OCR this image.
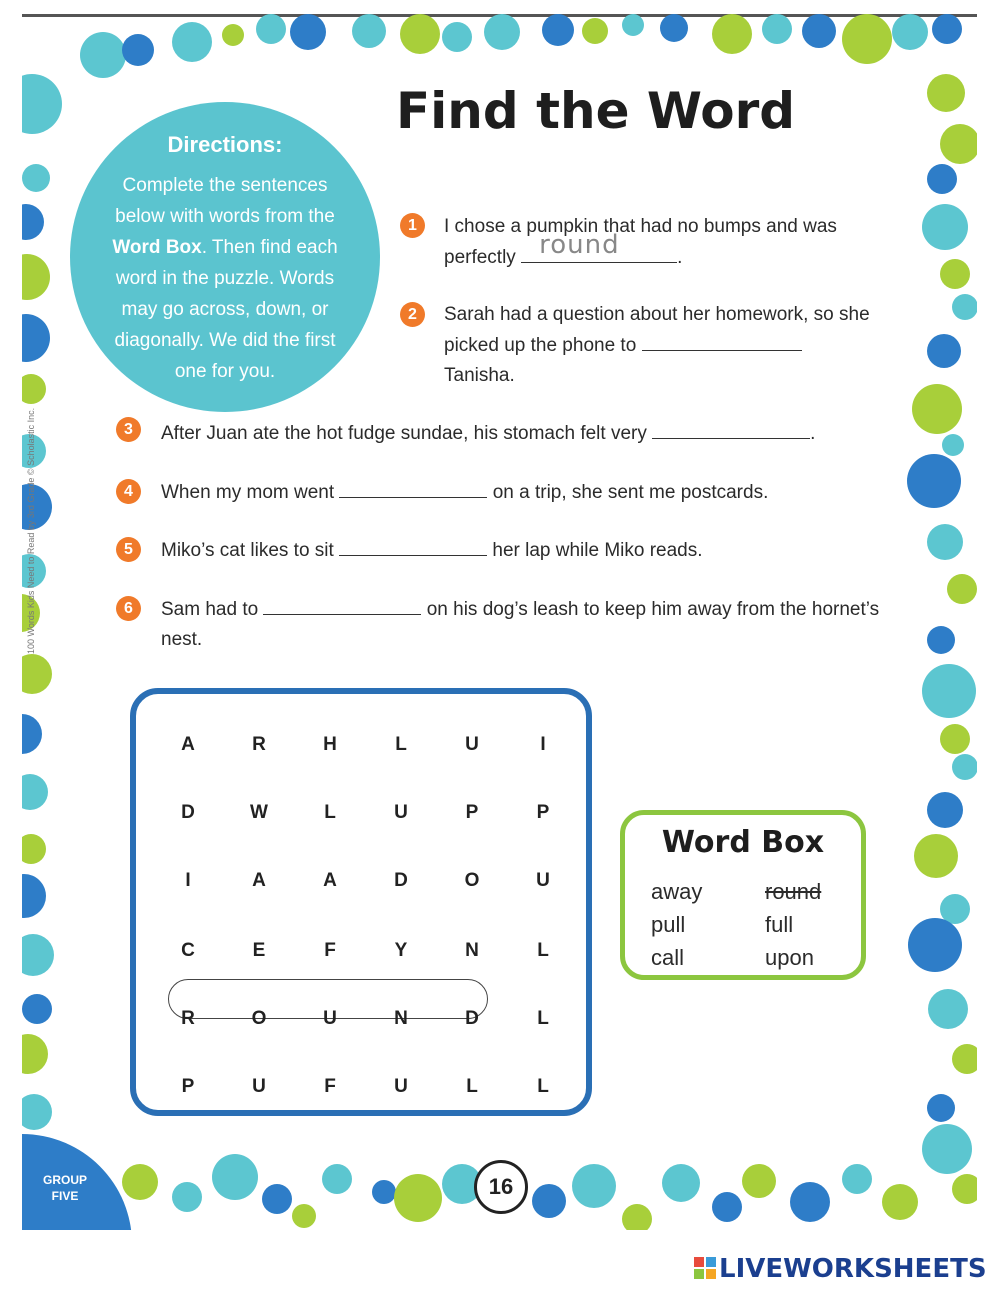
Find the Word
Directions:
Complete the sentences below with words from the Word Box. Then find each word in the puzzle. Words may go across, down, or diagonally. We did the first one for you.
1	I chose a pumpkin that had no bumps and was perfectly round	.
2	Sarah had a question about her homework, so she picked up the phone to
Tanisha.
3	After Juan ate the hot fudge sundae, his stomach felt very	.
4	When my mom went	on a trip, she sent me postcards.
5	Miko’s cat likes to sit	her lap while Miko reads.
6	Sam had to	on his dog’s leash to keep him away from the hornet’s nest.
A	R	H	L	U	I
D	W	L	U	P	P
I	A	A	D	O	U
C	E	F	Y	N	L
R	O	U	N	D	L
P	U	F	U	L	L
Word Box
away	round
pull	full
call	upon
100 Words Kids Need to Read by 3rd Grade © Scholastic Inc.
GROUP
FIVE	16
LIVEWORKSHEETS
